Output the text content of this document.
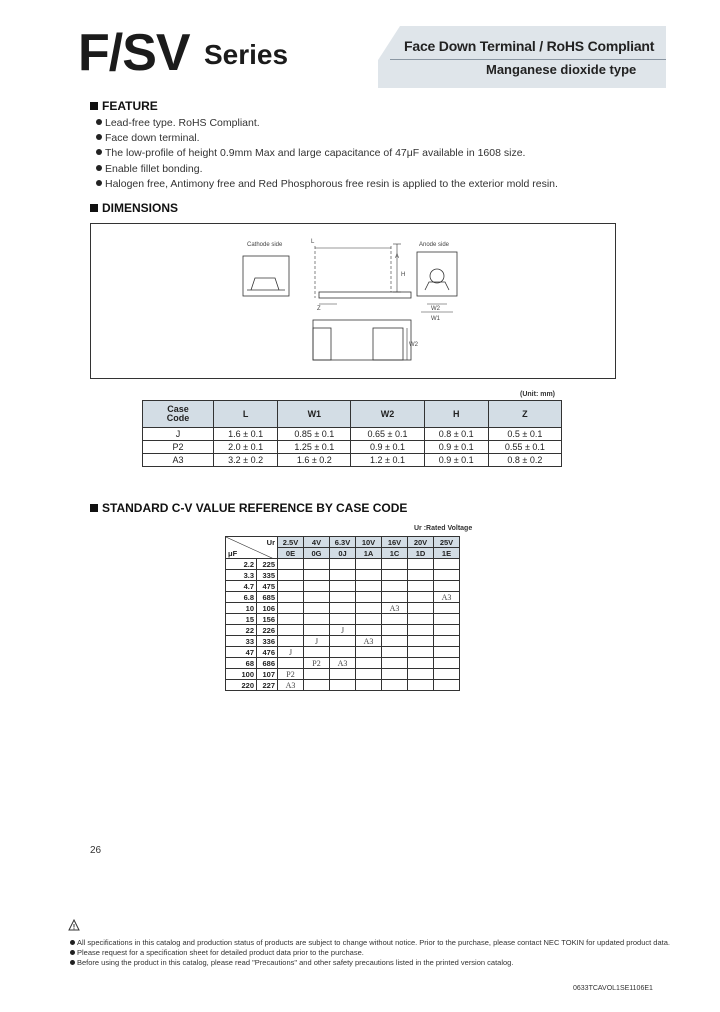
F/SV Series	Face Down Terminal / RoHS Compliant
Manganese dioxide type
FEATURE
Lead-free type. RoHS Compliant.
Face down terminal.
The low-profile of height 0.9mm Max and large capacitance of 47μF available in 1608 size.
Enable fillet bonding.
Halogen free, Antimony free and Red Phosphorous free resin is applied to the exterior mold resin.
DIMENSIONS
Cathode side	Anode side
L
A
H
Z
W1
W2
W2
(Unit: mm)
Case
Code	L	W1	W2	H	Z
J	1.6 ± 0.1	0.85 ± 0.1	0.65 ± 0.1	0.8 ± 0.1	0.5 ± 0.1
P2	2.0 ± 0.1	1.25 ± 0.1	0.9 ± 0.1	0.9 ± 0.1	0.55 ± 0.1
A3	3.2 ± 0.2	1.6 ± 0.2	1.2 ± 0.1	0.9 ± 0.1	0.8 ± 0.2
STANDARD C-V VALUE REFERENCE BY CASE CODE
Ur :Rated Voltage
Ur
μF		2.5V	4V	6.3V	10V	16V	20V	25V
		0E	0G	0J	1A	1C	1D	1E
2.2	225							
3.3	335							
4.7	475							
6.8	685							A3
10	106					A3		
15	156							
22	226			J				
33	336		J		A3			
47	476	J						
68	686		P2	A3				
100	107	P2						
220	227	A3						
26
All specifications in this catalog and production status of products are subject to change without notice. Prior to the purchase, please contact NEC TOKIN for updated product data.
Please request for a specification sheet for detailed product data prior to the purchase.
Before using the product in this catalog, please read "Precautions" and other safety precautions listed in the printed version catalog.
0633TCAVOL1SE1106E1
